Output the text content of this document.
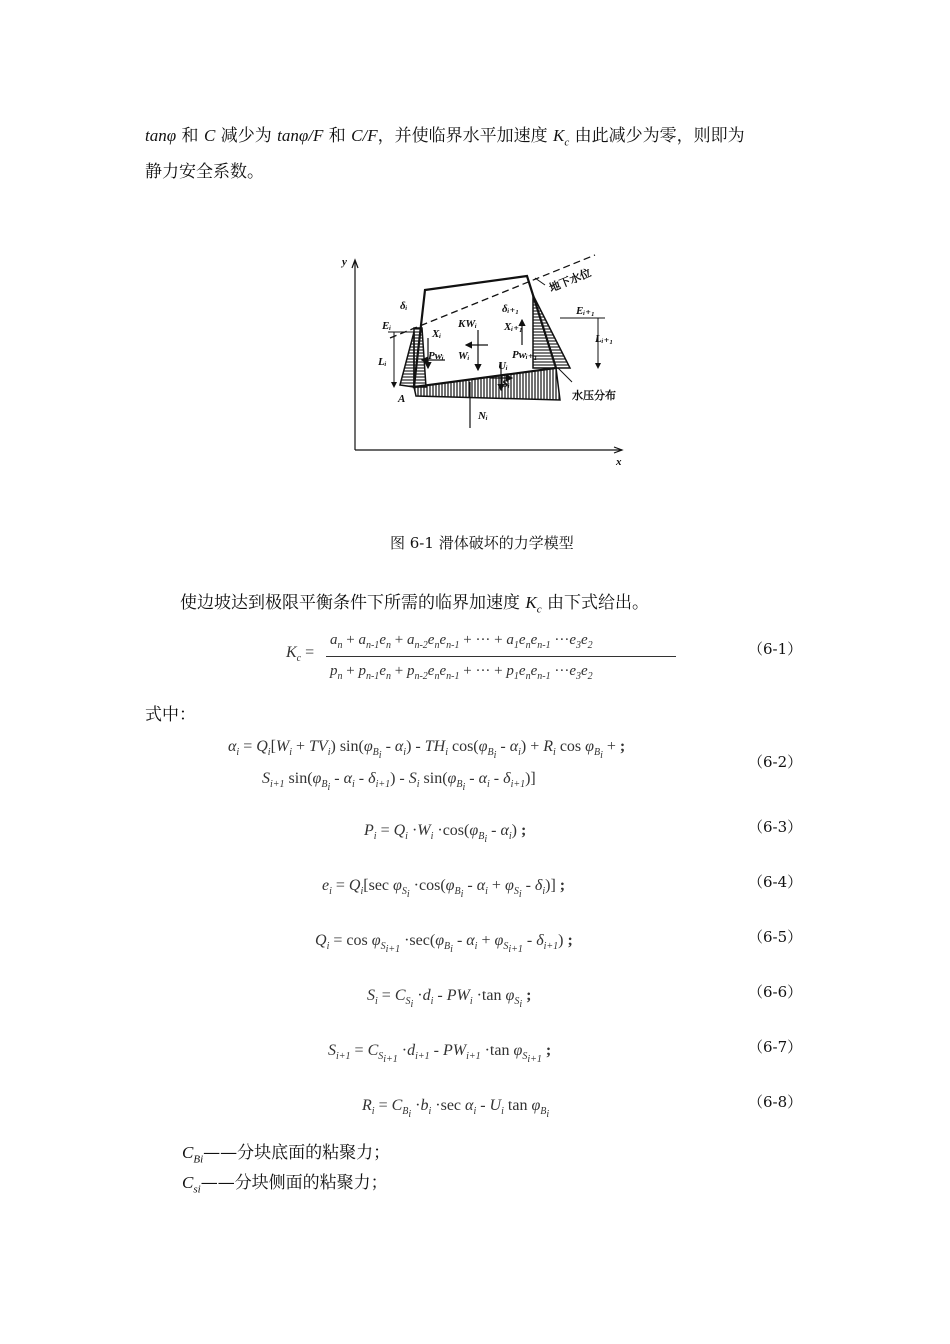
tanφ 和 C 减少为 tanφ/F 和 C/F，并使临界水平加速度 $K_c$ 由此减少为零，则即为
静力安全系数。
y
x
地下水位
水压分布
δᵢ	δᵢ₊₁
Eᵢ
Eᵢ₊₁
Lᵢ
Lᵢ₊₁
Xᵢ
Xᵢ₊₁
KWᵢ
Wᵢ
Pwᵢ	Pwᵢ₊₁
Uᵢ
Sᵢ
Nᵢ
A
图 6-1 滑体破坏的力学模型
使边坡达到极限平衡条件下所需的临界加速度 $K_c$ 由下式给出。
$K_c$ =
$a_n + a_{n-1}e_n + a_{n-2}e_ne_{n-1}$ + ··· + $a_1e_ne_{n-1} \cdot\cdot\cdot e_3e_2$
$p_n + p_{n-1}e_n + p_{n-2}e_ne_{n-1}$ + ··· + $p_1e_ne_{n-1} \cdot\cdot\cdot e_3e_2$
（6-1）
式中：
$\alpha_i = Q_i[W_i + TV_i)$ $\sin(\varphi_{B_i} - \alpha_i) - TH_i$ $\cos(\varphi_{B_i} - \alpha_i) + R_i$ $\cos \varphi_{B_i}$ + ;
$S_{i+1}$ $\sin(\varphi_{B_i} - \alpha_i - \delta_{i+1}) - S_i$ $\sin(\varphi_{B_i} - \alpha_i - \delta_{i+1})$]
（6-2）
$P_i = Q_i \cdot W_i \cdot\cos(\varphi_{B_i} - \alpha_i)$ ;	（6-3）
$e_i = Q_i[\sec$ $\varphi_{S_i} \cdot\cos(\varphi_{B_i} - \alpha_i + \varphi_{S_i} - \delta_i)$] ;	（6-4）
$Q_i = \cos \varphi_{S_{i+1}} \cdot\sec(\varphi_{B_i} - \alpha_i + \varphi_{S_{i+1}} - \delta_{i+1})$ ;	（6-5）
$S_i = C_{S_i} \cdot d_i - PW_i \cdot\tan$ $\varphi_{S_i}$ ;	（6-6）
$S_{i+1} = C_{S_{i+1}} \cdot d_{i+1} - PW_{i+1} \cdot\tan$ $\varphi_{S_{i+1}}$ ;	（6-7）
$R_i = C_{B_i} \cdot b_i \cdot\sec$ $\alpha_i - U_i$ $\tan \varphi_{B_i}$
（6-8）
$C_{Bi}——$分块底面的粘聚力；
$C_{si}——$分块侧面的粘聚力；
